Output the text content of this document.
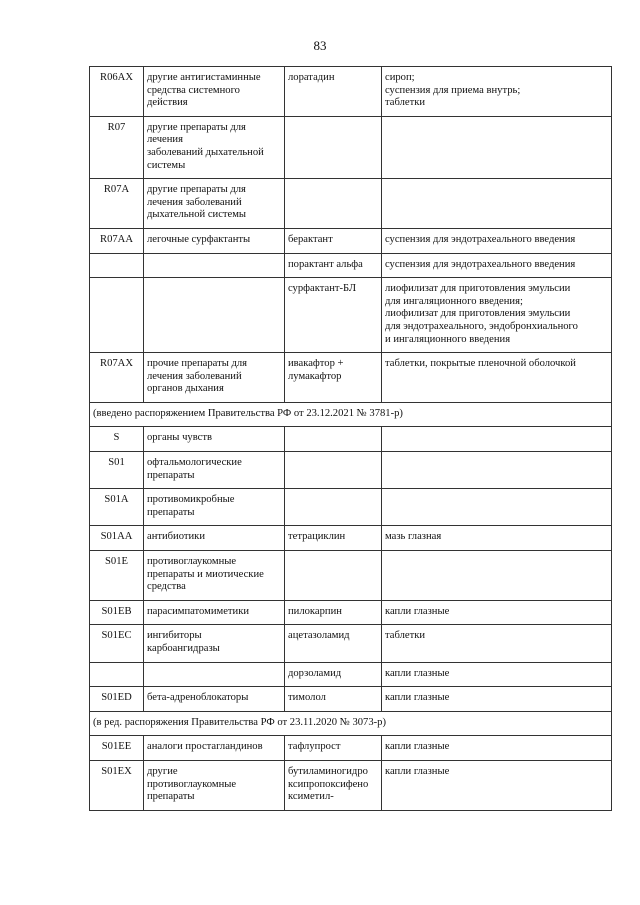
83
R06AX	другие антигистаминные
средства системного
действия	лоратадин	сироп;
суспензия для приема внутрь;
таблетки
R07	другие препараты для
лечения
заболеваний дыхательной
системы		
R07A	другие препараты для
лечения заболеваний
дыхательной системы		
R07AA	легочные сурфактанты	берактант	суспензия для эндотрахеального введения
		порактант альфа	суспензия для эндотрахеального введения
		сурфактант-БЛ	лиофилизат для приготовления эмульсии
для ингаляционного введения;
лиофилизат для приготовления эмульсии
для эндотрахеального, эндобронхиального
и ингаляционного введения
R07AX	прочие препараты для
лечения заболеваний
органов дыхания	ивакафтор +
лумакафтор	таблетки, покрытые пленочной оболочкой
(введено распоряжением Правительства РФ от 23.12.2021 № 3781-р)			
S	органы чувств		
S01	офтальмологические
препараты		
S01A	противомикробные
препараты		
S01AA	антибиотики	тетрациклин	мазь глазная
S01E	противоглаукомные
препараты и миотические
средства		
S01EB	парасимпатомиметики	пилокарпин	капли глазные
S01EC	ингибиторы
карбоангидразы	ацетазоламид	таблетки
		дорзоламид	капли глазные
S01ED	бета-адреноблокаторы	тимолол	капли глазные
(в ред. распоряжения Правительства РФ от 23.11.2020 № 3073-р)			
S01EE	аналоги простагландинов	тафлупрост	капли глазные
S01EX	другие
противоглаукомные
препараты	бутиламиногидро
ксипропоксифено
ксиметил-	капли глазные
